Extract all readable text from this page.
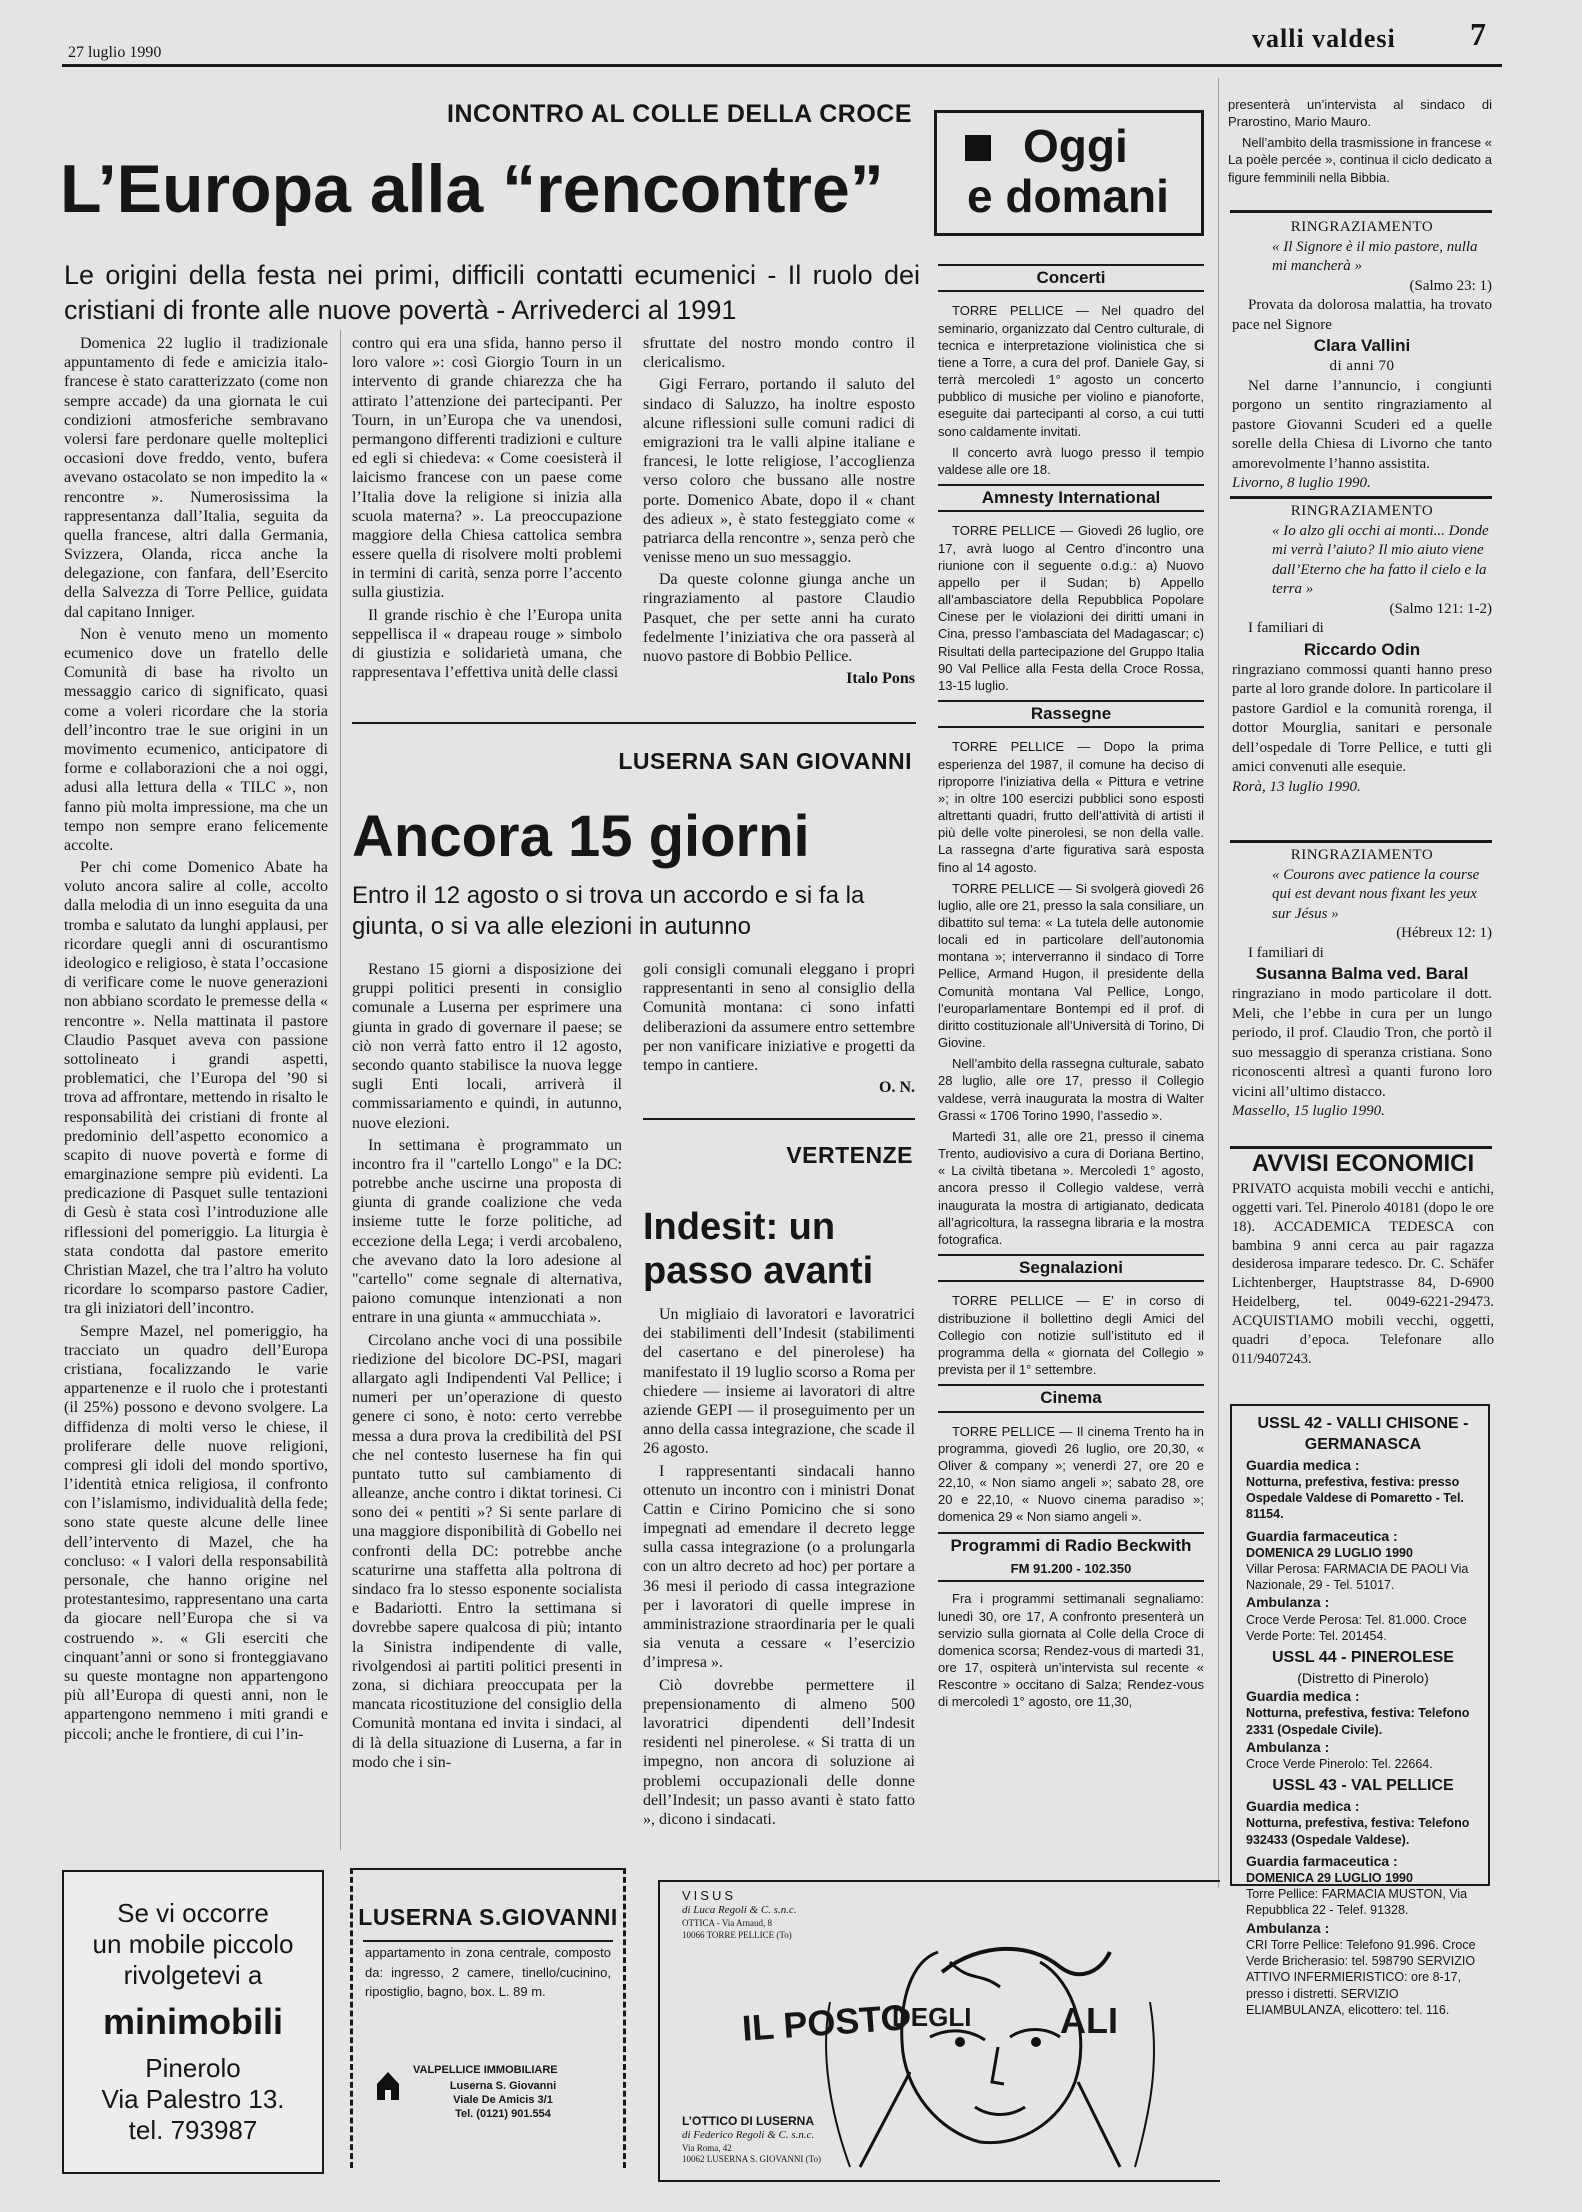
27 luglio 1990	valli valdesi 7
INCONTRO AL COLLE DELLA CROCE
L’Europa alla “rencontre”
Le origini della festa nei primi, difficili contatti ecumenici - Il ruolo dei cristiani di fronte alle nuove povertà - Arrivederci al 1991

Domenica 22 luglio il tradizionale appuntamento di fede e amicizia italo-francese è stato caratterizzato (come non sempre accade) da una giornata le cui condizioni atmosferiche sembravano volersi fare perdonare quelle molteplici occasioni dove freddo, vento, bufera avevano ostacolato se non impedito la « rencontre ». Numerosissima la rappresentanza dall’Italia, seguita da quella francese, altri dalla Germania, Svizzera, Olanda, ricca anche la delegazione, con fanfara, dell’Esercito della Salvezza di Torre Pellice, guidata dal capitano Inniger.

Non è venuto meno un momento ecumenico dove un fratello delle Comunità di base ha rivolto un messaggio carico di significato, quasi come a voleri ricordare che la storia dell’incontro trae le sue origini in un movimento ecumenico, anticipatore di forme e collaborazioni che a noi oggi, adusi alla lettura della « TILC », non fanno più molta impressione, ma che un tempo non sempre erano felicemente accolte.

Per chi come Domenico Abate ha voluto ancora salire al colle, accolto dalla melodia di un inno eseguita da una tromba e salutato da lunghi applausi, per ricordare quegli anni di oscurantismo ideologico e religioso, è stata l’occasione di verificare come le nuove generazioni non abbiano scordato le premesse della « rencontre ». Nella mattinata il pastore Claudio Pasquet aveva con passione sottolineato i grandi aspetti, problematici, che l’Europa del ’90 si trova ad affrontare, mettendo in risalto le responsabilità dei cristiani di fronte al predominio dell’aspetto economico a scapito di nuove povertà e forme di emarginazione sempre più evidenti. La predicazione di Pasquet sulle tentazioni di Gesù è stata così l’introduzione alle riflessioni del pomeriggio. La liturgia è stata condotta dal pastore emerito Christian Mazel, che tra l’altro ha voluto ricordare lo scomparso pastore Cadier, tra gli iniziatori dell’incontro.

Sempre Mazel, nel pomeriggio, ha tracciato un quadro dell’Europa cristiana, focalizzando le varie appartenenze e il ruolo che i protestanti (il 25%) possono e devono svolgere. La diffidenza di molti verso le chiese, il proliferare delle nuove religioni, compresi gli idoli del mondo sportivo, l’identità etnica religiosa, il confronto con l’islamismo, individualità della fede; sono state queste alcune delle linee dell’intervento di Mazel, che ha concluso: « I valori della responsabilità personale, che hanno origine nel protestantesimo, rappresentano una carta da giocare nell’Europa che si va costruendo ». « Gli eserciti che cinquant’anni or sono si fronteggiavano su queste montagne non appartengono più all’Europa di questi anni, non le appartengono nemmeno i miti grandi e piccoli; anche le frontiere, di cui l’in-

contro qui era una sfida, hanno perso il loro valore »: così Giorgio Tourn in un intervento di grande chiarezza che ha attirato l’attenzione dei partecipanti. Per Tourn, in un’Europa che va unendosi, permangono differenti tradizioni e culture ed egli si chiedeva: « Come coesisterà il laicismo francese con un paese come l’Italia dove la religione si inizia alla scuola materna? ». La preoccupazione maggiore della Chiesa cattolica sembra essere quella di risolvere molti problemi in termini di carità, senza porre l’accento sulla giustizia.

Il grande rischio è che l’Europa unita seppellisca il « drapeau rouge » simbolo di giustizia e solidarietà umana, che rappresentava l’effettiva unità delle classi

sfruttate del nostro mondo contro il clericalismo.

Gigi Ferraro, portando il saluto del sindaco di Saluzzo, ha inoltre esposto alcune riflessioni sulle comuni radici di emigrazioni tra le valli alpine italiane e francesi, le lotte religiose, l’accoglienza verso coloro che bussano alle nostre porte. Domenico Abate, dopo il « chant des adieux », è stato festeggiato come « patriarca della rencontre », senza però che venisse meno un suo messaggio.

Da queste colonne giunga anche un ringraziamento al pastore Claudio Pasquet, che per sette anni ha curato fedelmente l’iniziativa che ora passerà al nuovo pastore di Bobbio Pellice.

Italo Pons
LUSERNA SAN GIOVANNI
Ancora 15 giorni
Entro il 12 agosto o si trova un accordo e si fa la giunta, o si va alle elezioni in autunno

Restano 15 giorni a disposizione dei gruppi politici presenti in consiglio comunale a Luserna per esprimere una giunta in grado di governare il paese; se ciò non verrà fatto entro il 12 agosto, secondo quanto stabilisce la nuova legge sugli Enti locali, arriverà il commissariamento e quindi, in autunno, nuove elezioni.

In settimana è programmato un incontro fra il "cartello Longo" e la DC: potrebbe anche uscirne una proposta di giunta di grande coalizione che veda insieme tutte le forze politiche, ad eccezione della Lega; i verdi arcobaleno, che avevano dato la loro adesione al "cartello" come segnale di alternativa, paiono comunque intenzionati a non entrare in una giunta « ammucchiata ».

Circolano anche voci di una possibile riedizione del bicolore DC-PSI, magari allargato agli Indipendenti Val Pellice; i numeri per un’operazione di questo genere ci sono, è noto: certo verrebbe messa a dura prova la credibilità del PSI che nel contesto lusernese ha fin qui puntato tutto sul cambiamento di alleanze, anche contro i diktat torinesi. Ci sono dei « pentiti »? Si sente parlare di una maggiore disponibilità di Gobello nei confronti della DC: potrebbe anche scaturirne una staffetta alla poltrona di sindaco fra lo stesso esponente socialista e Badariotti. Entro la settimana si dovrebbe sapere qualcosa di più; intanto la Sinistra indipendente di valle, rivolgendosi ai partiti politici presenti in zona, si dichiara preoccupata per la mancata ricostituzione del consiglio della Comunità montana ed invita i sindaci, al di là della situazione di Luserna, a far in modo che i sin-

goli consigli comunali eleggano i propri rappresentanti in seno al consiglio della Comunità montana: ci sono infatti deliberazioni da assumere entro settembre per non vanificare iniziative e progetti da tempo in cantiere.

O. N.
VERTENZE
Indesit: un
passo avanti

Un migliaio di lavoratori e lavoratrici dei stabilimenti dell’Indesit (stabilimenti del casertano e del pinerolese) ha manifestato il 19 luglio scorso a Roma per chiedere — insieme ai lavoratori di altre aziende GEPI — il proseguimento per un anno della cassa integrazione, che scade il 26 agosto.

I rappresentanti sindacali hanno ottenuto un incontro con i ministri Donat Cattin e Cirino Pomicino che si sono impegnati ad emendare il decreto legge sulla cassa integrazione (o a prolungarla con un altro decreto ad hoc) per portare a 36 mesi il periodo di cassa integrazione per i lavoratori di quelle imprese in amministrazione straordinaria per le quali sia venuta a cessare « l’esercizio d’impresa ».

Ciò dovrebbe permettere il prepensionamento di almeno 500 lavoratrici dipendenti dell’Indesit residenti nel pinerolese. « Si tratta di un impegno, non ancora di soluzione ai problemi occupazionali delle donne dell’Indesit; un passo avanti è stato fatto », dicono i sindacati.

Oggi
e domani
Concerti

TORRE PELLICE — Nel quadro del seminario, organizzato dal Centro culturale, di tecnica e interpretazione violinistica che si tiene a Torre, a cura del prof. Daniele Gay, si terrà mercoledì 1° agosto un concerto pubblico di musiche per violino e pianoforte, eseguite dai partecipanti al corso, a cui tutti sono caldamente invitati.

Il concerto avrà luogo presso il tempio valdese alle ore 18.

Amnesty International

TORRE PELLICE — Giovedì 26 luglio, ore 17, avrà luogo al Centro d’incontro una riunione con il seguente o.d.g.: a) Nuovo appello per il Sudan; b) Appello all’ambasciatore della Repubblica Popolare Cinese per le violazioni dei diritti umani in Cina, presso l’ambasciata del Madagascar; c) Risultati della partecipazione del Gruppo Italia 90 Val Pellice alla Festa della Croce Rossa, 13-15 luglio.

Rassegne

TORRE PELLICE — Dopo la prima esperienza del 1987, il comune ha deciso di riproporre l’iniziativa della « Pittura e vetrine »; in oltre 100 esercizi pubblici sono esposti altrettanti quadri, frutto dell’attività di artisti il più delle volte pinerolesi, se non della valle. La rassegna d’arte figurativa sarà esposta fino al 14 agosto.

TORRE PELLICE — Si svolgerà giovedì 26 luglio, alle ore 21, presso la sala consiliare, un dibattito sul tema: « La tutela delle autonomie locali ed in particolare dell’autonomia montana »; interverranno il sindaco di Torre Pellice, Armand Hugon, il presidente della Comunità montana Val Pellice, Longo, l’europarlamentare Bontempi ed il prof. di diritto costituzionale all’Università di Torino, Di Giovine.

Nell’ambito della rassegna culturale, sabato 28 luglio, alle ore 17, presso il Collegio valdese, verrà inaugurata la mostra di Walter Grassi « 1706 Torino 1990, l’assedio ».

Martedì 31, alle ore 21, presso il cinema Trento, audiovisivo a cura di Doriana Bertino, « La civiltà tibetana ». Mercoledì 1° agosto, ancora presso il Collegio valdese, verrà inaugurata la mostra di artigianato, dedicata all’agricoltura, la rassegna libraria e la mostra fotografica.

Segnalazioni

TORRE PELLICE — E’ in corso di distribuzione il bollettino degli Amici del Collegio con notizie sull’istituto ed il programma della « giornata del Collegio » prevista per il 1° settembre.

Cinema

TORRE PELLICE — Il cinema Trento ha in programma, giovedì 26 luglio, ore 20,30, « Oliver & company »; venerdì 27, ore 20 e 22,10, « Non siamo angeli »; sabato 28, ore 20 e 22,10, « Nuovo cinema paradiso »; domenica 29 « Non siamo angeli ».

Programmi di Radio Beckwith
FM 91.200 - 102.350

Fra i programmi settimanali segnaliamo: lunedì 30, ore 17, A confronto presenterà un servizio sulla giornata al Colle della Croce di domenica scorsa; Rendez-vous di martedì 31, ore 17, ospiterà un’intervista sul recente « Rescontre » occitano di Salza; Rendez-vous di mercoledì 1° agosto, ore 11,30,

presenterà un’intervista al sindaco di Prarostino, Mario Mauro.

Nell’ambito della trasmissione in francese « La poèle percée », continua il ciclo dedicato a figure femminili nella Bibbia.

RINGRAZIAMENTO
« Il Signore è il mio pastore, nulla mi mancherà »
(Salmo 23: 1)

Provata da dolorosa malattia, ha trovato pace nel Signore

Clara Vallini
di anni 70

Nel darne l’annuncio, i congiunti porgono un sentito ringraziamento al pastore Giovanni Scuderi ed a quelle sorelle della Chiesa di Livorno che tanto amorevolmente l’hanno assistita.

Livorno, 8 luglio 1990.
RINGRAZIAMENTO
« Io alzo gli occhi ai monti... Donde mi verrà l’aiuto? Il mio aiuto viene dall’Eterno che ha fatto il cielo e la terra »
(Salmo 121: 1-2)

I familiari di

Riccardo Odin

ringraziano commossi quanti hanno preso parte al loro grande dolore. In particolare il pastore Gardiol e la comunità rorenga, il dottor Mourglia, sanitari e personale dell’ospedale di Torre Pellice, e tutti gli amici convenuti alle esequie.

Rorà, 13 luglio 1990.
RINGRAZIAMENTO
« Courons avec patience la course qui est devant nous fixant les yeux sur Jésus »
(Hébreux 12: 1)

I familiari di

Susanna Balma ved. Baral

ringraziano in modo particolare il dott. Meli, che l’ebbe in cura per un lungo periodo, il prof. Claudio Tron, che portò il suo messaggio di speranza cristiana. Sono riconoscenti altresì a quanti furono loro vicini all’ultimo distacco.

Massello, 15 luglio 1990.
AVVISI ECONOMICI
PRIVATO acquista mobili vecchi e antichi, oggetti vari. Tel. Pinerolo 40181 (dopo le ore 18). ACCADEMICA TEDESCA con bambina 9 anni cerca au pair ragazza desiderosa imparare tedesco. Dr. C. Schäfer Lichtenberger, Hauptstrasse 84, D-6900 Heidelberg, tel. 0049-6221-29473. ACQUISTIAMO mobili vecchi, oggetti, quadri d’epoca. Telefonare allo 011/9407243.
USSL 42 - VALLI CHISONE - GERMANASCA
Guardia medica :
Notturna, prefestiva, festiva: presso Ospedale Valdese di Pomaretto - Tel. 81154.
Guardia farmaceutica :
DOMENICA 29 LUGLIO 1990
Villar Perosa: FARMACIA DE PAOLI Via Nazionale, 29 - Tel. 51017.
Ambulanza :
Croce Verde Perosa: Tel. 81.000. Croce Verde Porte: Tel. 201454.
USSL 44 - PINEROLESE
(Distretto di Pinerolo)
Guardia medica :
Notturna, prefestiva, festiva: Telefono 2331 (Ospedale Civile).
Ambulanza :
Croce Verde Pinerolo: Tel. 22664.
USSL 43 - VAL PELLICE
Guardia medica :
Notturna, prefestiva, festiva: Telefono 932433 (Ospedale Valdese).
Guardia farmaceutica :
DOMENICA 29 LUGLIO 1990
Torre Pellice: FARMACIA MUSTON, Via Repubblica 22 - Telef. 91328.
Ambulanza :
CRI Torre Pellice: Telefono 91.996. Croce Verde Bricherasio: tel. 598790 SERVIZIO ATTIVO INFERMIERISTICO: ore 8-17, presso i distretti. SERVIZIO ELIAMBULANZA, elicottero: tel. 116.
Se vi occorre
un mobile piccolo
rivolgetevi a
minimobili
Pinerolo
Via Palestro 13.
tel. 793987
LUSERNA S.GIOVANNI
appartamento in zona centrale, composto da: ingresso, 2 camere, tinello/cucinino, ripostiglio, bagno, box. L. 89 m.
VALPELLICE IMMOBILIARE
Luserna S. Giovanni
Viale De Amicis 3/1
Tel. (0121) 901.554
VISUS
di Luca Regoli & C. s.n.c.
OTTICA - Via Arnaud, 8
10066 TORRE PELLICE (To)
IL POSTO
DEGLI ALI
L’OTTICO DI LUSERNA
di Federico Regoli & C. s.n.c.
Via Roma, 42
10062 LUSERNA S. GIOVANNI (To)
